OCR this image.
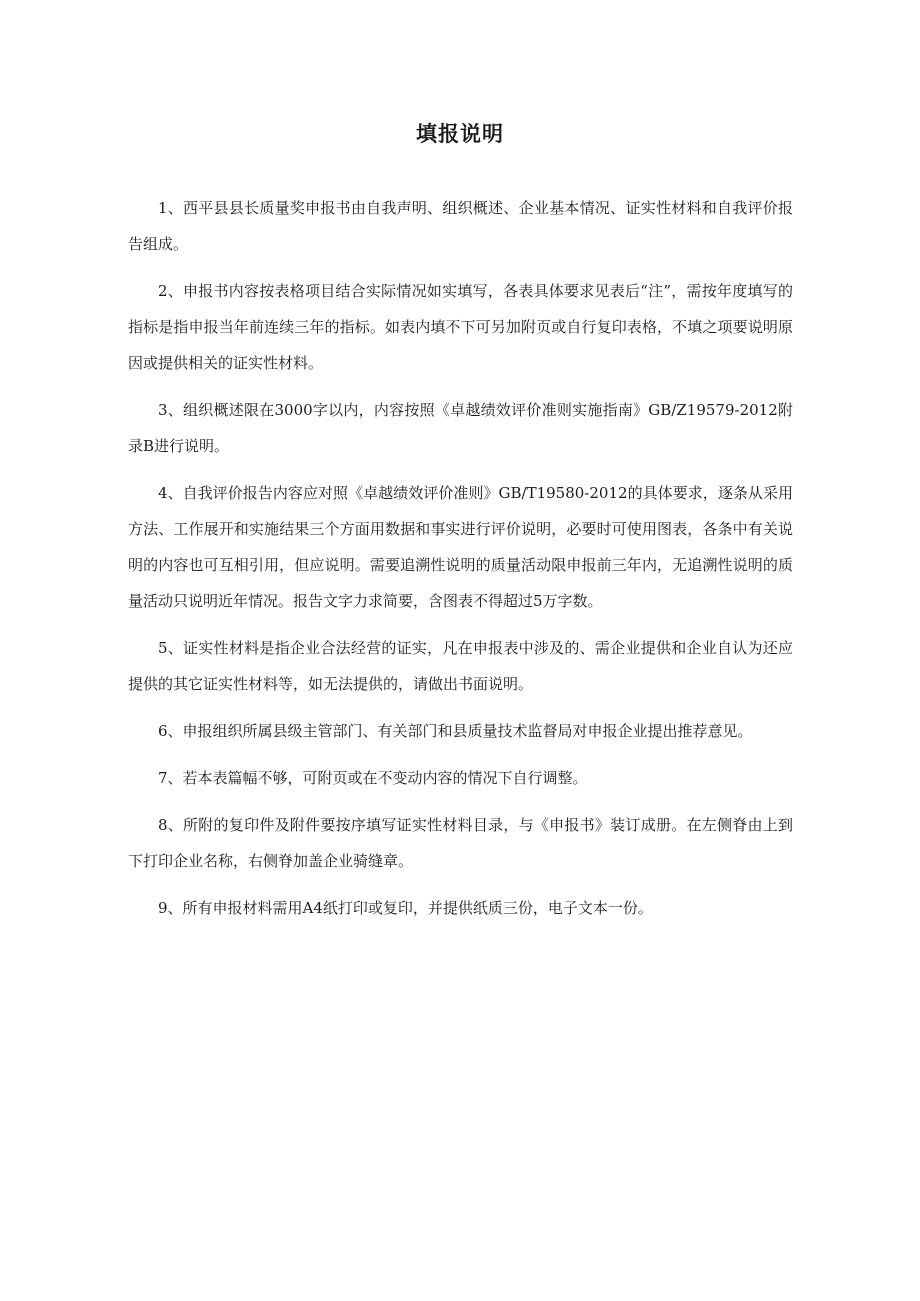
填报说明

1、西平县县长质量奖申报书由自我声明、组织概述、企业基本情况、证实性材料和自我评价报告组成。

2、申报书内容按表格项目结合实际情况如实填写，各表具体要求见表后“注”，需按年度填写的指标是指申报当年前连续三年的指标。如表内填不下可另加附页或自行复印表格，不填之项要说明原因或提供相关的证实性材料。

3、组织概述限在3000字以内，内容按照《卓越绩效评价准则实施指南》GB/Z19579-2012附录B进行说明。

4、自我评价报告内容应对照《卓越绩效评价准则》GB/T19580-2012的具体要求，逐条从采用方法、工作展开和实施结果三个方面用数据和事实进行评价说明，必要时可使用图表，各条中有关说明的内容也可互相引用，但应说明。需要追溯性说明的质量活动限申报前三年内，无追溯性说明的质量活动只说明近年情况。报告文字力求简要，含图表不得超过5万字数。

5、证实性材料是指企业合法经营的证实，凡在申报表中涉及的、需企业提供和企业自认为还应提供的其它证实性材料等，如无法提供的，请做出书面说明。

6、申报组织所属县级主管部门、有关部门和县质量技术监督局对申报企业提出推荐意见。

7、若本表篇幅不够，可附页或在不变动内容的情况下自行调整。

8、所附的复印件及附件要按序填写证实性材料目录，与《申报书》装订成册。在左侧脊由上到下打印企业名称，右侧脊加盖企业骑缝章。

9、所有申报材料需用A4纸打印或复印，并提供纸质三份，电子文本一份。
